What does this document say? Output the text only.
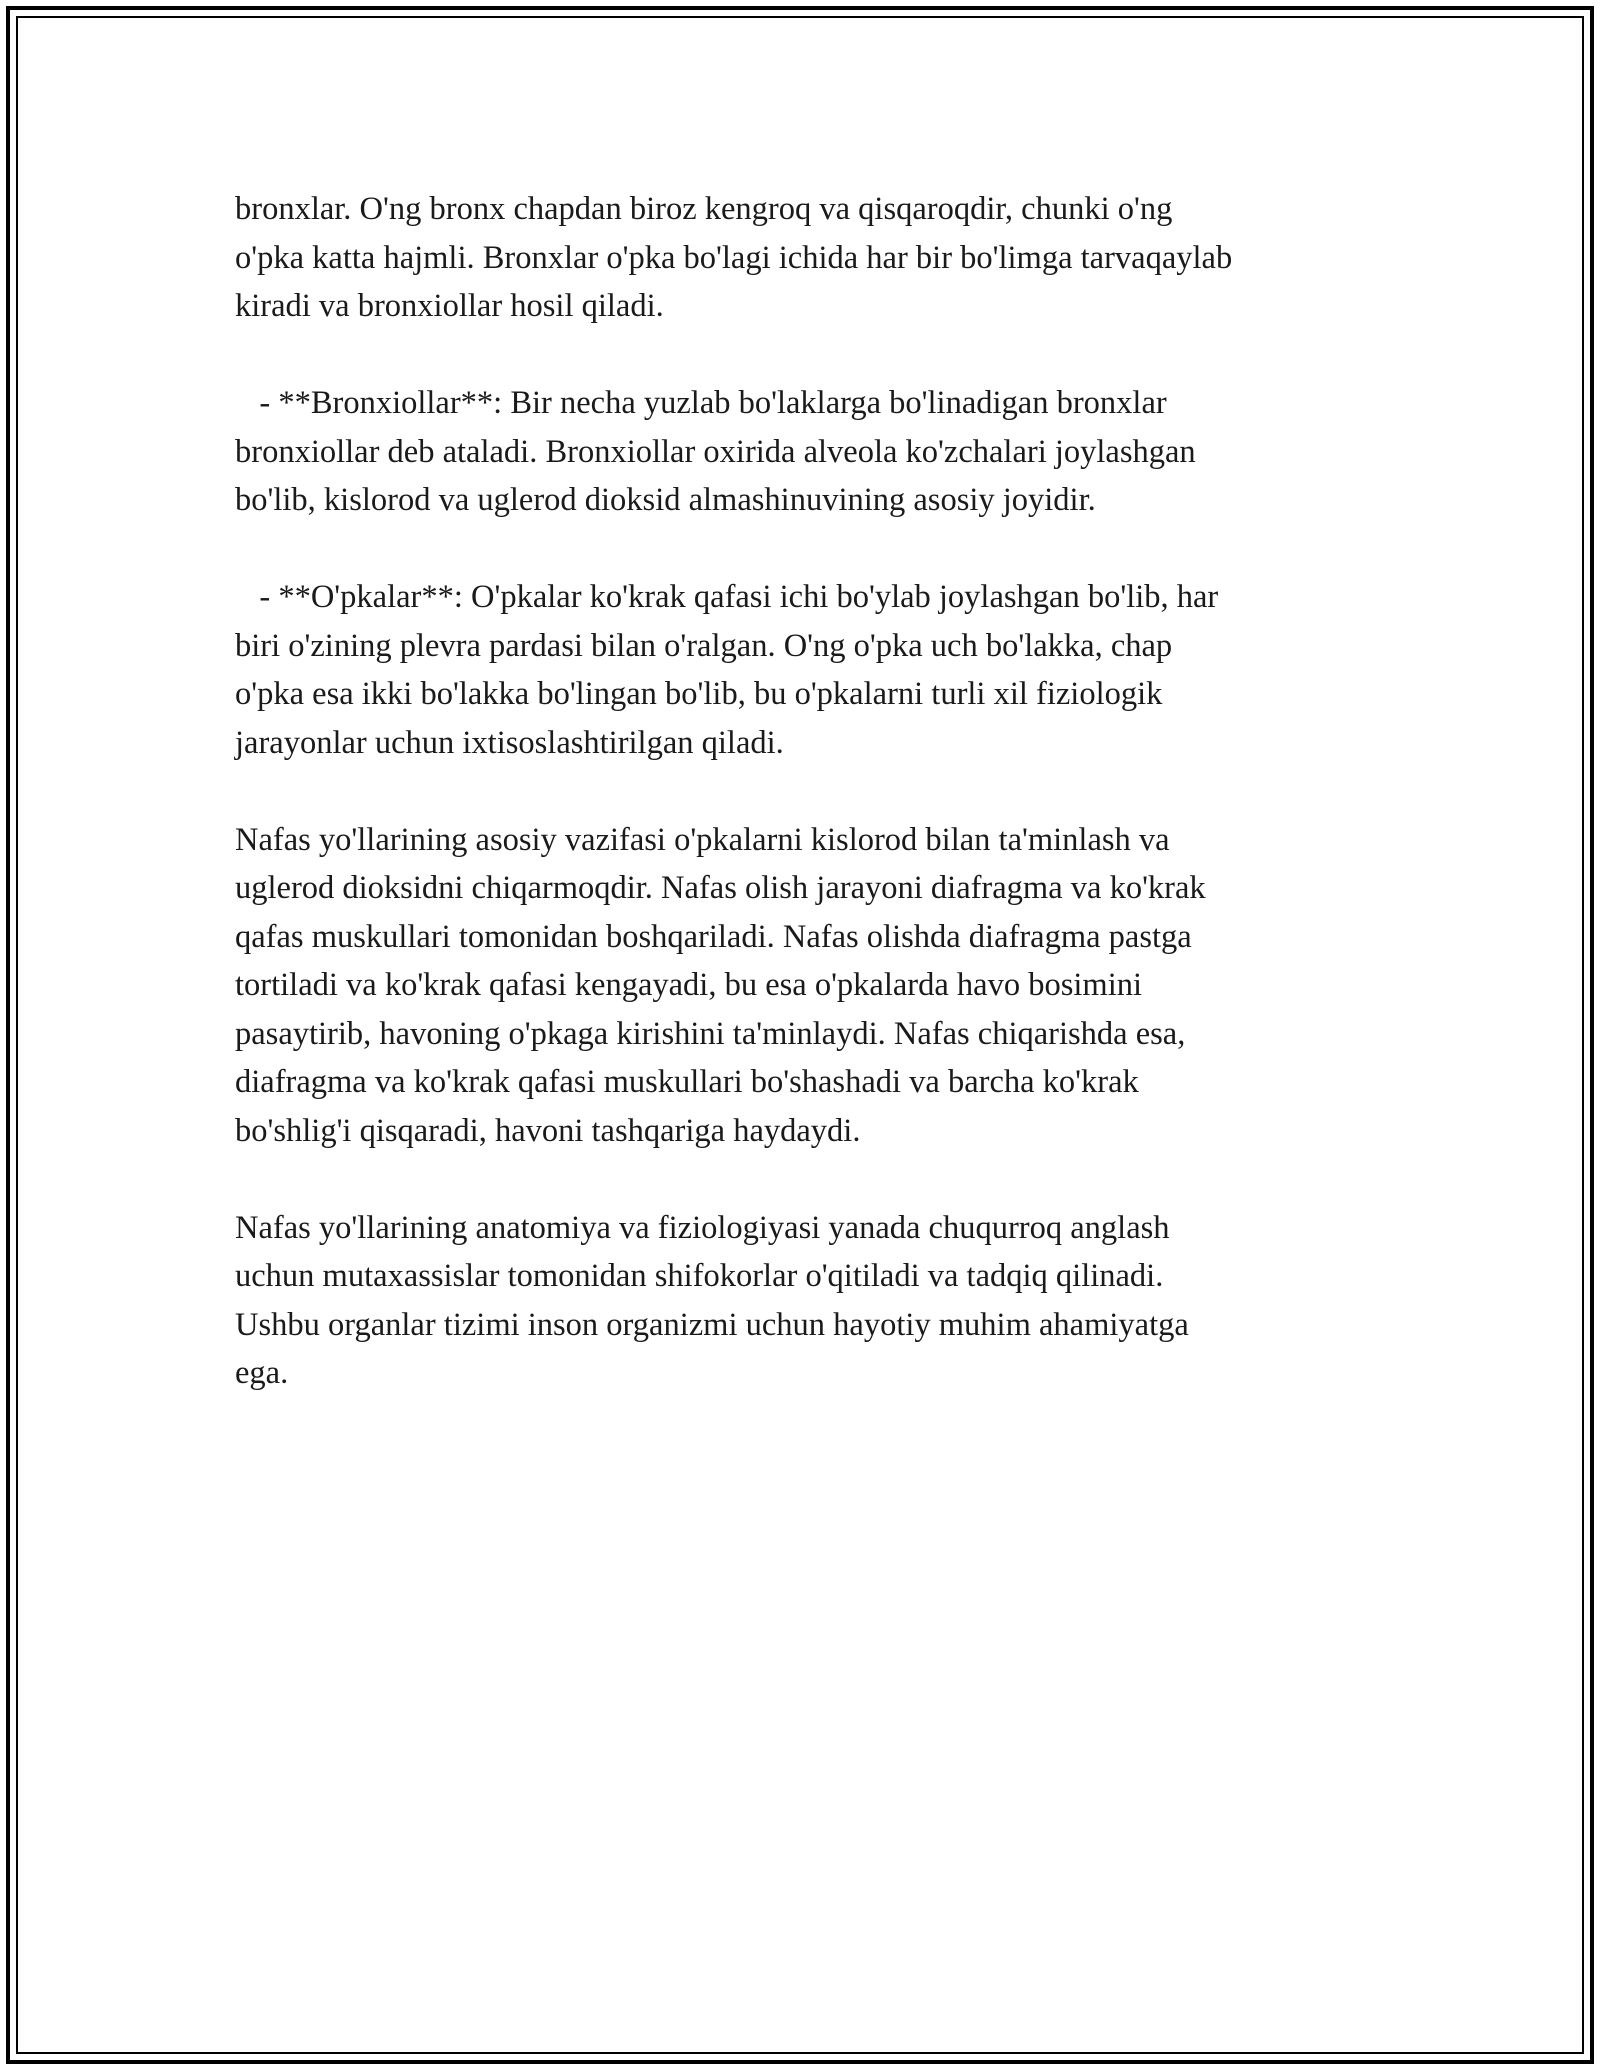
bronxlar. O'ng bronx chapdan biroz kengroq va qisqaroqdir, chunki o'ng
o'pka katta hajmli. Bronxlar o'pka bo'lagi ichida har bir bo'limga tarvaqaylab
kiradi va bronxiollar hosil qiladi.

- **Bronxiollar**: Bir necha yuzlab bo'laklarga bo'linadigan bronxlar
bronxiollar deb ataladi. Bronxiollar oxirida alveola ko'zchalari joylashgan
bo'lib, kislorod va uglerod dioksid almashinuvining asosiy joyidir.

- **O'pkalar**: O'pkalar ko'krak qafasi ichi bo'ylab joylashgan bo'lib, har
biri o'zining plevra pardasi bilan o'ralgan. O'ng o'pka uch bo'lakka, chap
o'pka esa ikki bo'lakka bo'lingan bo'lib, bu o'pkalarni turli xil fiziologik
jarayonlar uchun ixtisoslashtirilgan qiladi.

Nafas yo'llarining asosiy vazifasi o'pkalarni kislorod bilan ta'minlash va
uglerod dioksidni chiqarmoqdir. Nafas olish jarayoni diafragma va ko'krak
qafas muskullari tomonidan boshqariladi. Nafas olishda diafragma pastga
tortiladi va ko'krak qafasi kengayadi, bu esa o'pkalarda havo bosimini
pasaytirib, havoning o'pkaga kirishini ta'minlaydi. Nafas chiqarishda esa,
diafragma va ko'krak qafasi muskullari bo'shashadi va barcha ko'krak
bo'shlig'i qisqaradi, havoni tashqariga haydaydi.

Nafas yo'llarining anatomiya va fiziologiyasi yanada chuqurroq anglash
uchun mutaxassislar tomonidan shifokorlar o'qitiladi va tadqiq qilinadi.
Ushbu organlar tizimi inson organizmi uchun hayotiy muhim ahamiyatga
ega.
